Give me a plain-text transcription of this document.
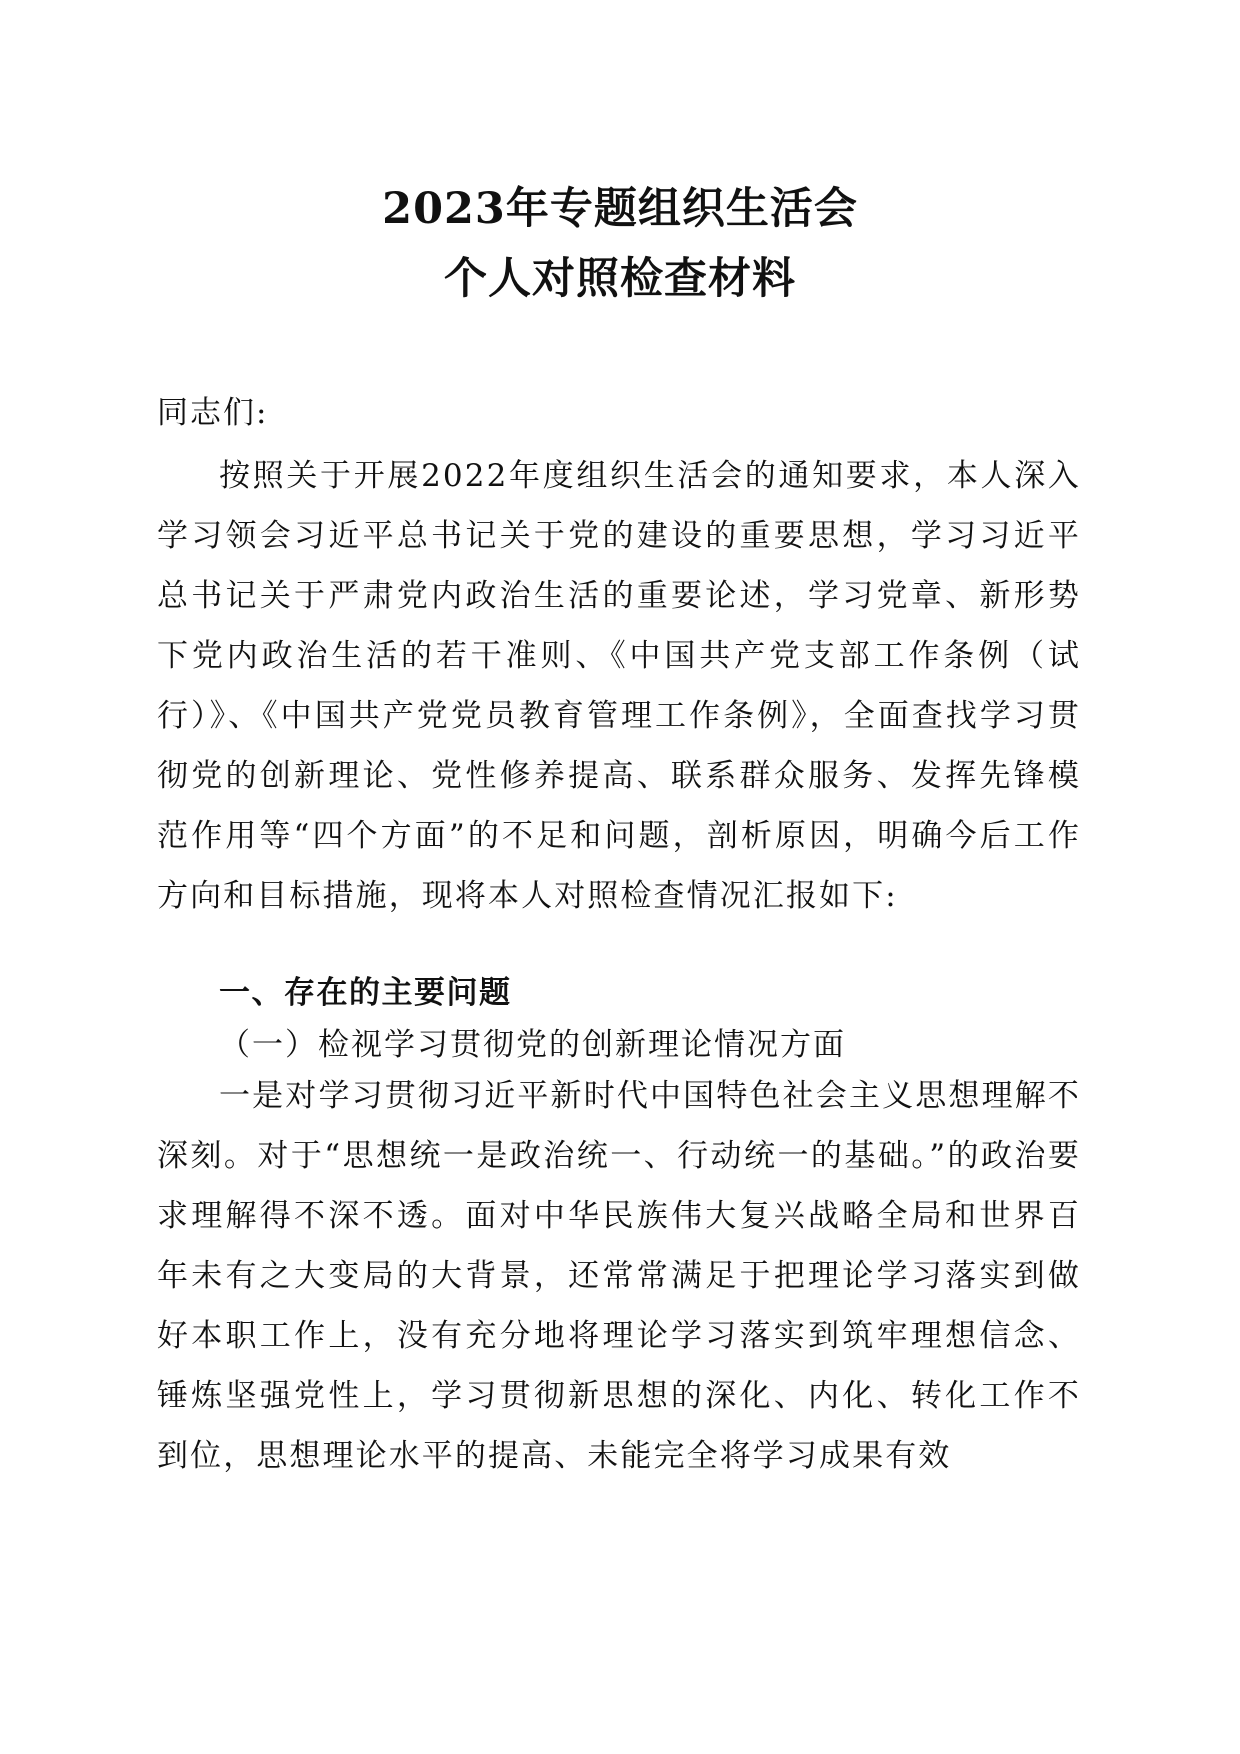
2023年专题组织生活会
个人对照检查材料
同志们:
按照关于开展2022年度组织生活会的通知要求，本人深入学习领会习近平总书记关于党的建设的重要思想，学习习近平总书记关于严肃党内政治生活的重要论述，学习党章、新形势下党内政治生活的若干准则、《中国共产党支部工作条例（试行）》、《中国共产党党员教育管理工作条例》，全面查找学习贯彻党的创新理论、党性修养提高、联系群众服务、发挥先锋模范作用等“四个方面”的不足和问题，剖析原因，明确今后工作方向和目标措施，现将本人对照检查情况汇报如下:
一、存在的主要问题
（一）检视学习贯彻党的创新理论情况方面
一是对学习贯彻习近平新时代中国特色社会主义思想理解不深刻。对于“思想统一是政治统一、行动统一的基础。”的政治要求理解得不深不透。面对中华民族伟大复兴战略全局和世界百年未有之大变局的大背景，还常常满足于把理论学习落实到做好本职工作上，没有充分地将理论学习落实到筑牢理想信念、锤炼坚强党性上，学习贯彻新思想的深化、内化、转化工作不到位，思想理论水平的提高、未能完全将学习成果有效
